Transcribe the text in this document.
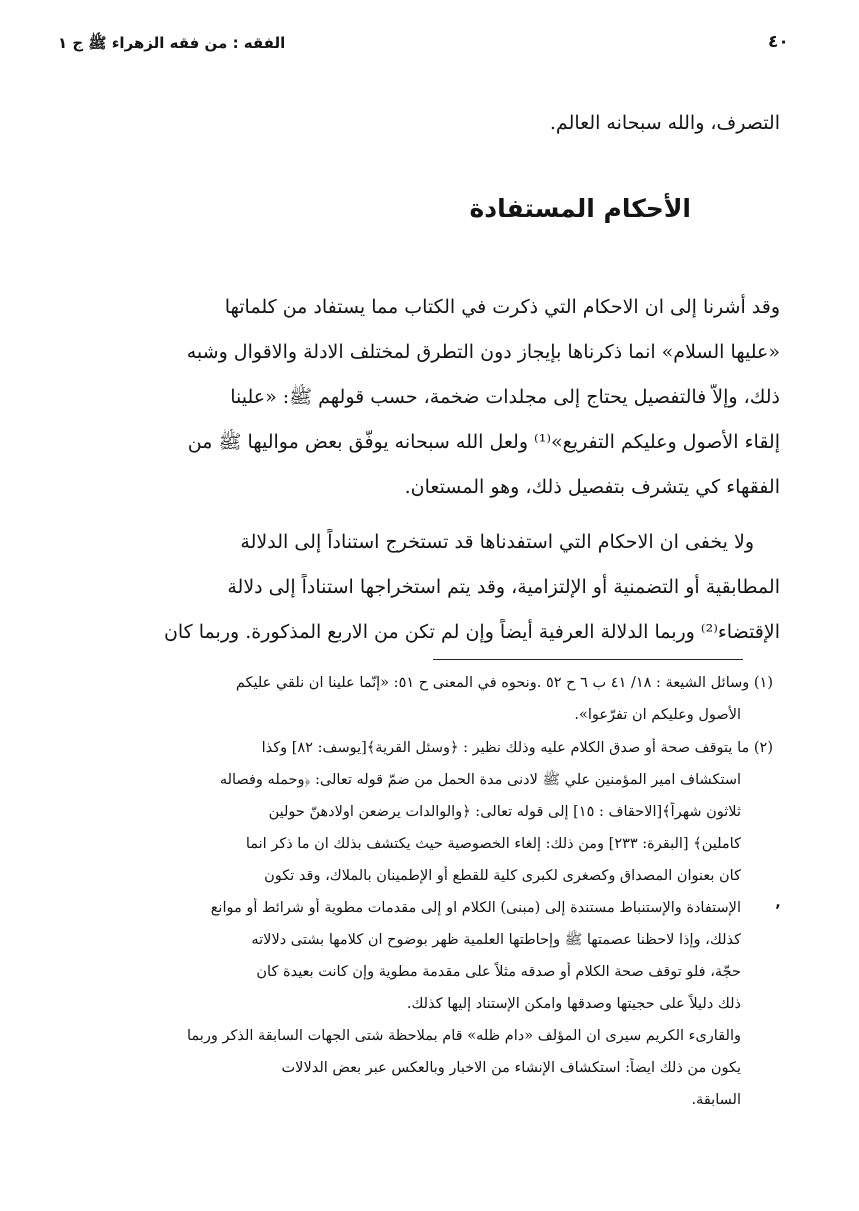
الفقه : من فقه الزهراء ﷺ ج ١	٤٠
التصرف، والله سبحانه العالم.
الأحكام المستفادة
وقد أشرنا إلى ان الاحكام التي ذكرت في الكتاب مما يستفاد من كلماتها
«عليها السلام» انما ذكرناها بإيجاز دون التطرق لمختلف الادلة والاقوال وشبه
ذلك، وإلاّ فالتفصيل يحتاج إلى مجلدات ضخمة، حسب قولهم ﷺ: «علينا
إلقاء الأصول وعليكم التفريع»⁽¹⁾ ولعل الله سبحانه يوفّق بعض مواليها ﷺ من
الفقهاء كي يتشرف بتفصيل ذلك، وهو المستعان.
ولا يخفى ان الاحكام التي استفدناها قد تستخرج استناداً إلى الدلالة
المطابقية أو التضمنية أو الإلتزامية، وقد يتم استخراجها استناداً إلى دلالة
الإقتضاء⁽²⁾ وربما الدلالة العرفية أيضاً وإن لم تكن من الاربع المذكورة. وربما كان
(١) وسائل الشيعة : ١٨/ ٤١ ب ٦ ح ٥٢ .ونحوه في المعنى ح ٥١: «إنّما علينا ان نلقي عليكم
الأصول وعليكم ان تفرّعوا».
(٢) ما يتوقف صحة أو صدق الكلام عليه وذلك نظير : ﴿وسئل القرية﴾[يوسف: ٨٢] وكذا
استكشاف امير المؤمنين علي ﷺ لادنى مدة الحمل من ضمّ قوله تعالى: ﴿وحمله وفصاله
ثلاثون شهراً﴾[الاحقاف : ١٥] إلى قوله تعالى: ﴿والوالدات يرضعن اولادهنّ حولين
كاملين﴾ [البقرة: ٢٣٣] ومن ذلك: إلغاء الخصوصية حيث يكتشف بذلك ان ما ذكر انما
كان بعنوان المصداق وكصغرى لكبرى كلية للقطع أو الإطمينان بالملاك، وقد تكون
الإستفادة والإستنباط مستندة إلى (مبنى) الكلام او إلى مقدمات مطوية أو شرائط أو موانع
كذلك، وإذا لاحظنا عصمتها ﷺ وإحاطتها العلمية ظهر بوضوح ان كلامها بشتى دلالاته
حجّة، فلو توقف صحة الكلام أو صدقه مثلاً على مقدمة مطوية وإن كانت بعيدة كان
ذلك دليلاً على حجيتها وصدقها وامكن الإستناد إليها كذلك.
والقارىء الكريم سيرى ان المؤلف «دام ظله» قام بملاحظة شتى الجهات السابقة الذكر وربما
يكون من ذلك ايضاً: استكشاف الإنشاء من الاخبار وبالعكس عبر بعض الدلالات
السابقة.
٬
